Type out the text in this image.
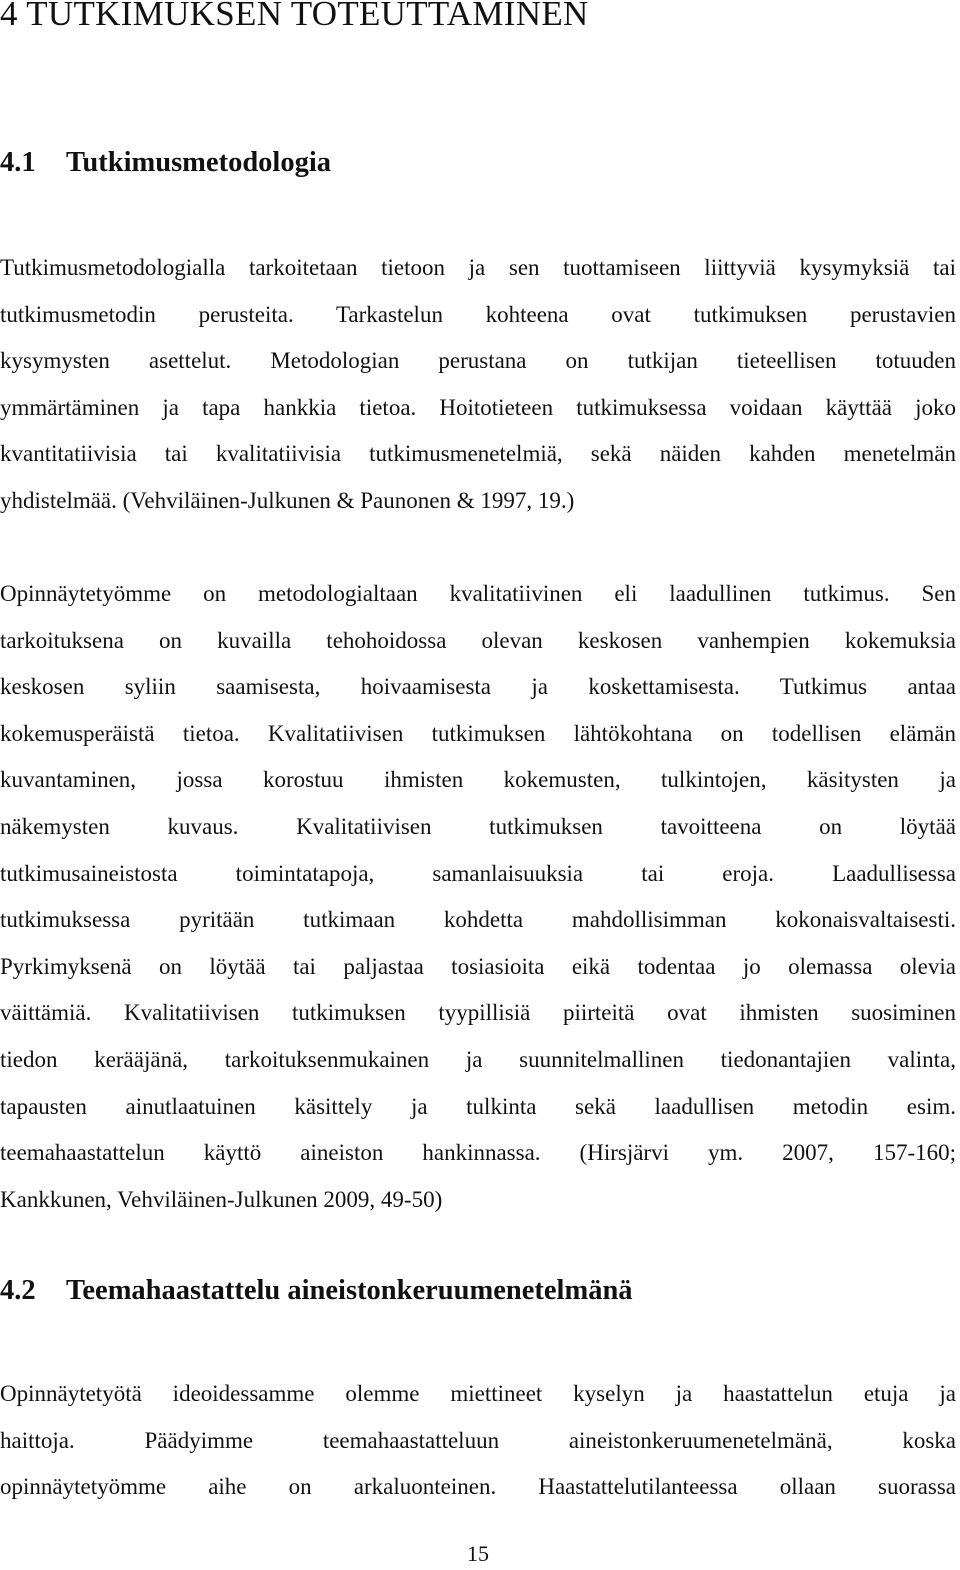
4 TUTKIMUKSEN TOTEUTTAMINEN
4.1 Tutkimusmetodologia
Tutkimusmetodologialla tarkoitetaan tietoon ja sen tuottamiseen liittyviä kysymyksiä tai
tutkimusmetodin perusteita. Tarkastelun kohteena ovat tutkimuksen perustavien
kysymysten asettelut. Metodologian perustana on tutkijan tieteellisen totuuden
ymmärtäminen ja tapa hankkia tietoa. Hoitotieteen tutkimuksessa voidaan käyttää joko
kvantitatiivisia tai kvalitatiivisia tutkimusmenetelmiä, sekä näiden kahden menetelmän
yhdistelmää. (Vehviläinen-Julkunen & Paunonen & 1997, 19.)
Opinnäytetyömme on metodologialtaan kvalitatiivinen eli laadullinen tutkimus. Sen
tarkoituksena on kuvailla tehohoidossa olevan keskosen vanhempien kokemuksia
keskosen syliin saamisesta, hoivaamisesta ja koskettamisesta. Tutkimus antaa
kokemusperäistä tietoa. Kvalitatiivisen tutkimuksen lähtökohtana on todellisen elämän
kuvantaminen, jossa korostuu ihmisten kokemusten, tulkintojen, käsitysten ja
näkemysten kuvaus. Kvalitatiivisen tutkimuksen tavoitteena on löytää
tutkimusaineistosta toimintatapoja, samanlaisuuksia tai eroja. Laadullisessa
tutkimuksessa pyritään tutkimaan kohdetta mahdollisimman kokonaisvaltaisesti.
Pyrkimyksenä on löytää tai paljastaa tosiasioita eikä todentaa jo olemassa olevia
väittämiä. Kvalitatiivisen tutkimuksen tyypillisiä piirteitä ovat ihmisten suosiminen
tiedon kerääjänä, tarkoituksenmukainen ja suunnitelmallinen tiedonantajien valinta,
tapausten ainutlaatuinen käsittely ja tulkinta sekä laadullisen metodin esim.
teemahaastattelun käyttö aineiston hankinnassa. (Hirsjärvi ym. 2007, 157-160;
Kankkunen, Vehviläinen-Julkunen 2009, 49-50)
4.2 Teemahaastattelu aineistonkeruumenetelmänä
Opinnäytetyötä ideoidessamme olemme miettineet kyselyn ja haastattelun etuja ja
haittoja. Päädyimme teemahaastatteluun aineistonkeruumenetelmänä, koska
opinnäytetyömme aihe on arkaluonteinen. Haastattelutilanteessa ollaan suorassa

15
